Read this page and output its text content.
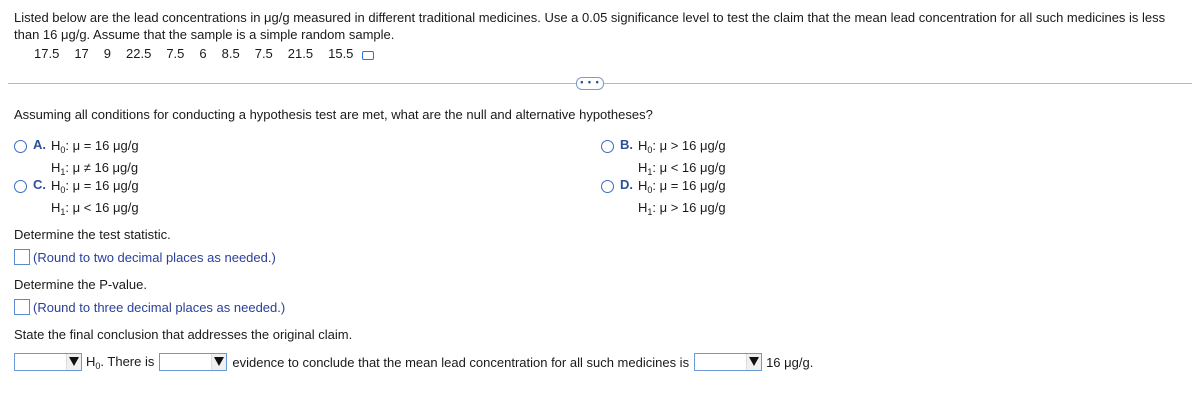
Listed below are the lead concentrations in μg/g measured in different traditional medicines. Use a 0.05 significance level to test the claim that the mean lead concentration for all such medicines is less than 16 μg/g. Assume that the sample is a simple random sample.
17.5 17 9 22.5 7.5 6 8.5 7.5 21.5 15.5
• • •
Assuming all conditions for conducting a hypothesis test are met, what are the null and alternative hypotheses?
A. $H_0$: μ = 16 μg/g
$H_1$: μ ≠ 16 μg/g
C. $H_0$: μ = 16 μg/g
$H_1$: μ < 16 μg/g
B. $H_0$: μ > 16 μg/g
$H_1$: μ < 16 μg/g
D. $H_0$: μ = 16 μg/g
$H_1$: μ > 16 μg/g
Determine the test statistic.
(Round to two decimal places as needed.)
Determine the P-value.
(Round to three decimal places as needed.)
State the final conclusion that addresses the original claim.
$H_0$. There is	evidence to conclude that the mean lead concentration for all such medicines is	16 μg/g.
